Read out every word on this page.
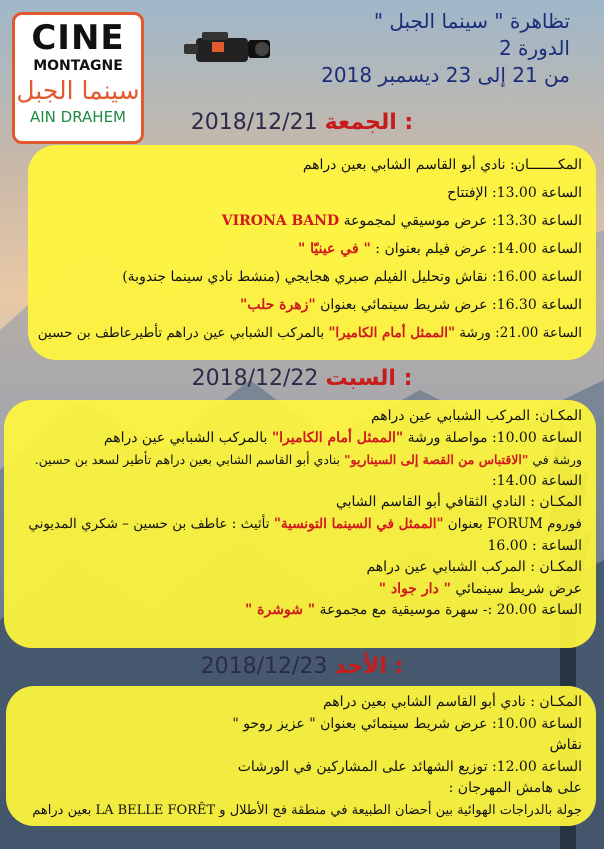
CINE
MONTAGNE
سينما الجبل
AIN DRAHEM
تظاهرة " سينما الجبل "
الدورة 2
من 21 إلى 23 ديسمبر 2018
2018/12/21 الجمعة :
المكـــــــان: نادي أبو القاسم الشابي بعين دراهم
الساعة 13.00: الإفتتاح
الساعة 13.30: عرض موسيقي لمجموعة VIRONA BAND
الساعة 14.00: عرض فيلم بعنوان : " في عينيّا "
الساعة 16.00: نقاش وتحليل الفيلم صبري هجايجي (منشط نادي سينما جندوبة)
الساعة 16.30: عرض شريط سينمائي بعنوان "زهرة حلب"
الساعة 21.00: ورشة "الممثل أمام الكاميرا" بالمركب الشبابي عين دراهم تأطيرعاطف بن حسين
2018/12/22 السبت :
المكـان: المركب الشبابي عين دراهم
الساعة 10.00: مواصلة ورشة "الممثل أمام الكاميرا" بالمركب الشبابي عين دراهم
ورشة في "الاقتباس من القصة إلى السيناريو" بنادي أبو القاسم الشابي بعين دراهم تأطير لسعد بن حسين.
الساعة 14.00:
المكـان : النادي الثقافي أبو القاسم الشابي
فوروم FORUM بعنوان "الممثل في السينما التونسية" تأثيث : عاطف بن حسين – شكري المديوني
الساعة : 16.00
المكـان : المركب الشبابي عين دراهم
عرض شريط سينمائي " دار جواد "
الساعة 20.00 :- سهرة موسيقية مع مجموعة " شوشرة "
2018/12/23 الأحد :
المكـان : نادي أبو القاسم الشابي بعين دراهم
الساعة 10.00: عرض شريط سينمائي بعنوان " عزيز روحو "
نقاش
الساعة 12.00: توزيع الشهائد على المشاركين في الورشات
على هامش المهرجان :
جولة بالدراجات الهوائية بين أحضان الطبيعة في منطقة فج الأطلال و LA BELLE FORÊT بعين دراهم
